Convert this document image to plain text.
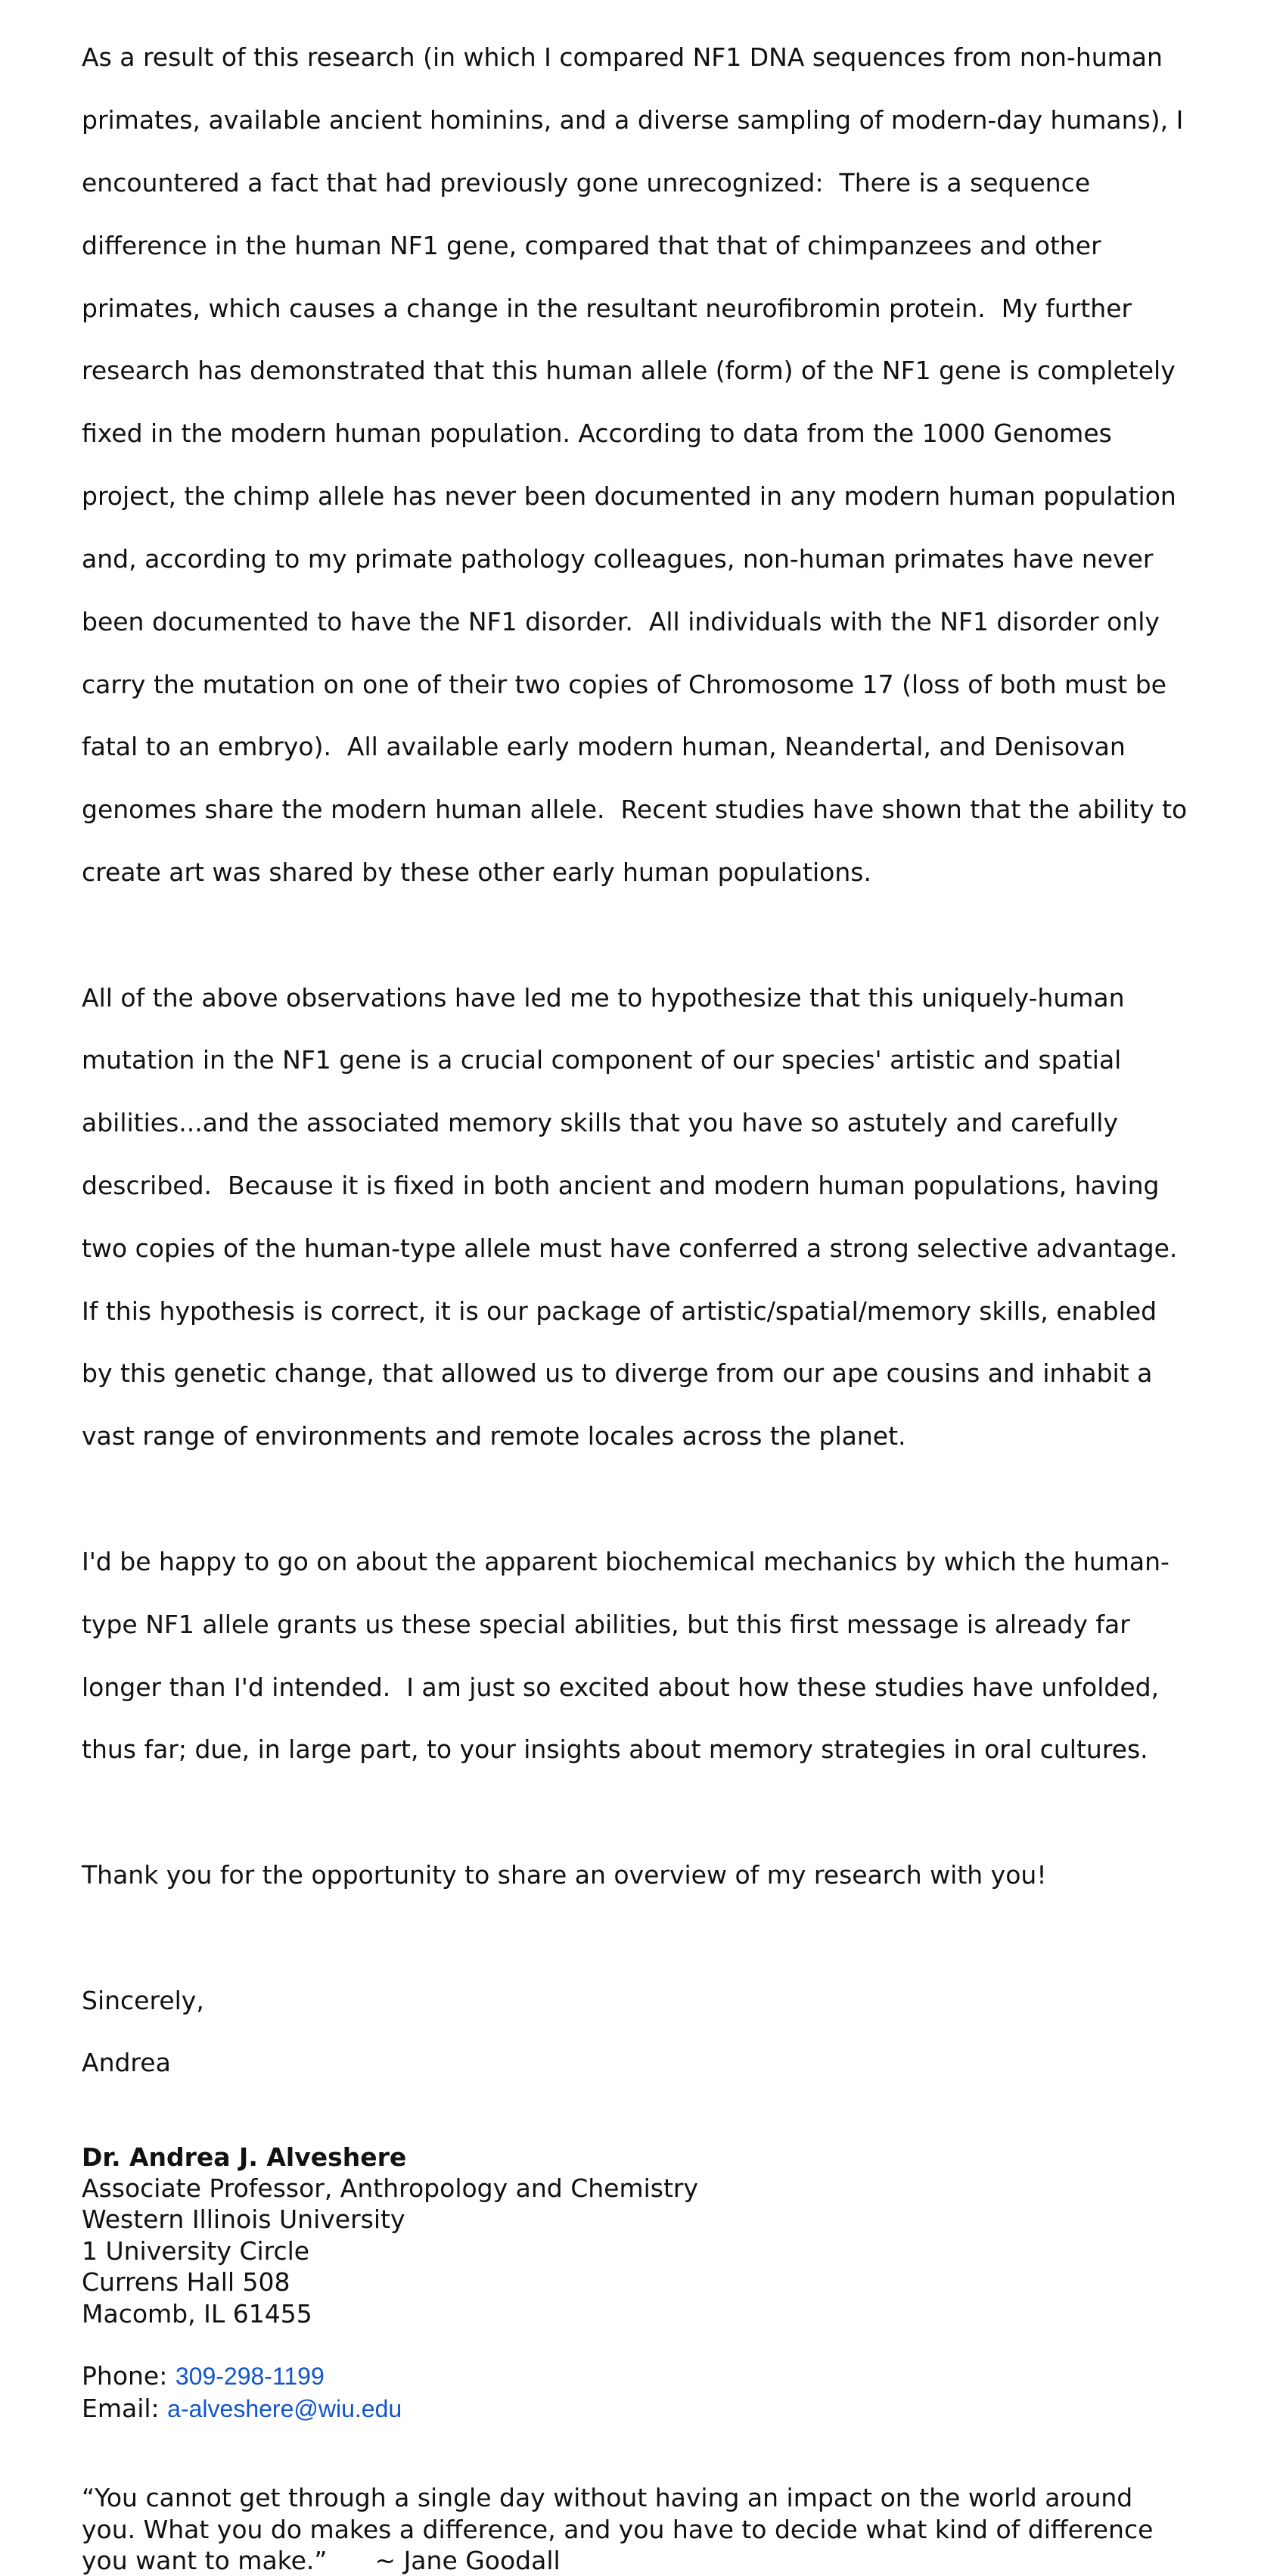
As a result of this research (in which I compared NF1 DNA sequences from non-human

primates, available ancient hominins, and a diverse sampling of modern-day humans), I

encountered a fact that had previously gone unrecognized:  There is a sequence

difference in the human NF1 gene, compared that that of chimpanzees and other

primates, which causes a change in the resultant neurofibromin protein.  My further

research has demonstrated that this human allele (form) of the NF1 gene is completely

fixed in the modern human population. According to data from the 1000 Genomes

project, the chimp allele has never been documented in any modern human population

and, according to my primate pathology colleagues, non-human primates have never

been documented to have the NF1 disorder.  All individuals with the NF1 disorder only

carry the mutation on one of their two copies of Chromosome 17 (loss of both must be

fatal to an embryo).  All available early modern human, Neandertal, and Denisovan

genomes share the modern human allele.  Recent studies have shown that the ability to

create art was shared by these other early human populations.

All of the above observations have led me to hypothesize that this uniquely-human

mutation in the NF1 gene is a crucial component of our species' artistic and spatial

abilities...and the associated memory skills that you have so astutely and carefully

described.  Because it is fixed in both ancient and modern human populations, having

two copies of the human-type allele must have conferred a strong selective advantage.

If this hypothesis is correct, it is our package of artistic/spatial/memory skills, enabled

by this genetic change, that allowed us to diverge from our ape cousins and inhabit a

vast range of environments and remote locales across the planet.

I'd be happy to go on about the apparent biochemical mechanics by which the human-

type NF1 allele grants us these special abilities, but this first message is already far

longer than I'd intended.  I am just so excited about how these studies have unfolded,

thus far; due, in large part, to your insights about memory strategies in oral cultures.

Thank you for the opportunity to share an overview of my research with you!

Sincerely,

Andrea

Dr. Andrea J. Alveshere
Associate Professor, Anthropology and Chemistry
Western Illinois University
1 University Circle
Currens Hall 508
Macomb, IL 61455
Phone: 309-298-1199
Email: a-alveshere@wiu.edu
“You cannot get through a single day without having an impact on the world around
you. What you do makes a difference, and you have to decide what kind of difference
you want to make.”      ~ Jane Goodall
